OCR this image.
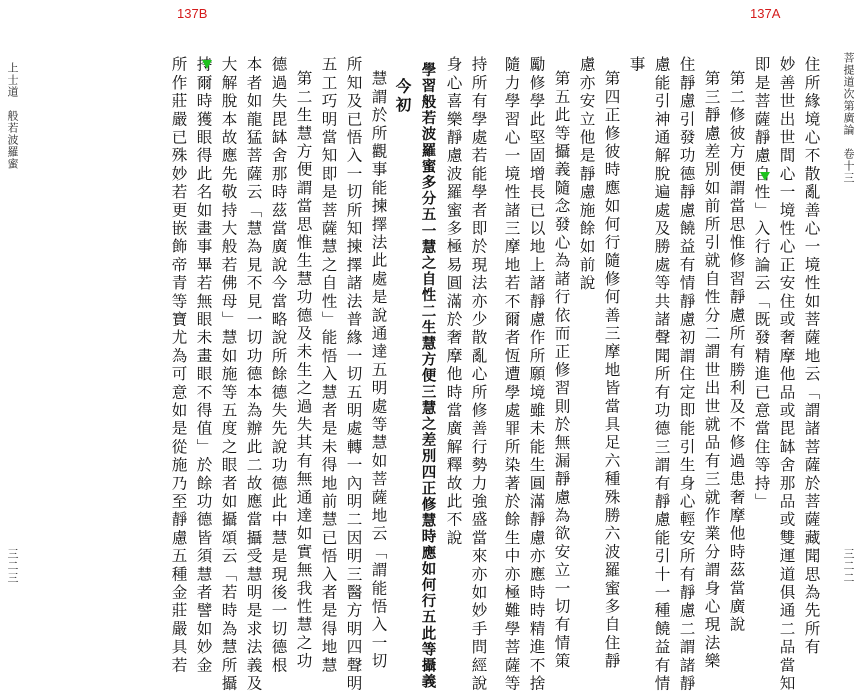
137A
137B
菩提道次第廣論　卷十三
三二二
上士道　般若波羅蜜
三二三	住所緣境心不散亂善心一境性如菩薩地云「謂諸菩薩於菩薩藏聞思為先所有
妙善世出世間心一境性心正安住或奢摩他品或毘缽舍那品或雙運道俱通二品當知
即是菩薩靜慮自性」入行論云「既發精進已意當住等持」
第二修彼方便謂當思惟修習靜慮所有勝利及不修過患奢摩他時茲當廣說
第三靜慮差別如前所引就自性分二謂世出世就品有三就作業分謂身心現法樂
住靜慮引發功德靜慮饒益有情靜慮初謂住定即能引生身心輕安所有靜慮二謂諸靜
慮能引神通解脫遍處及勝處等共諸聲聞所有功德三謂有靜慮能引十一種饒益有情
事
第四正修彼時應如何行隨修何善三摩地皆當具足六種殊勝六波羅蜜多自住靜
慮亦安立他是靜慮施餘如前說
第五此等攝義隨念發心為諸行依而正修習則於無漏靜慮為欲安立一切有情策
勵修學此堅固增長已以地上諸靜慮作所願境雖未能生圓滿靜慮亦應時時精進不捨
隨力學習心一境性諸三摩地若不爾者恆遭學處罪所染著於餘生中亦極難學菩薩等
持所有學處若能學者即於現法亦少散亂心所修善行勢力強盛當來亦如妙手問經說
身心喜樂靜慮波羅蜜多極易圓滿於奢摩他時當廣解釋故此不說
學習般若波羅蜜多分五一慧之自性二生慧方便三慧之差別四正修慧時應如何行五此等攝義
今初
慧謂於所觀事能揀擇法此處是說通達五明處等慧如菩薩地云「謂能悟入一切
所知及已悟入一切所知揀擇諸法普緣一切五明處轉一內明二因明三醫方明四聲明
五工巧明當知即是菩薩慧之自性」能悟入慧者是未得地前慧已悟入者是得地慧
第二生慧方便謂當思惟生慧功德及未生之過失其有無通達如實無我性慧之功
德過失毘缽舍那時茲當廣說今當略說所餘德失先說功德此中慧是現後一切德根
本者如龍猛菩薩云「慧為見不見一切功德本為辦此二故應當攝受慧明是求法義及
大解脫本故應先敬持大般若佛母」慧如施等五度之眼者如攝頌云「若時為慧所攝
持爾時獲眼得此名如畫事畢若無眼未畫眼不得值」於餘功德皆須慧者譬如妙金
所作莊嚴已殊妙若更嵌飾帝青等寶尤為可意如是從施乃至靜慮五種金莊嚴具若
